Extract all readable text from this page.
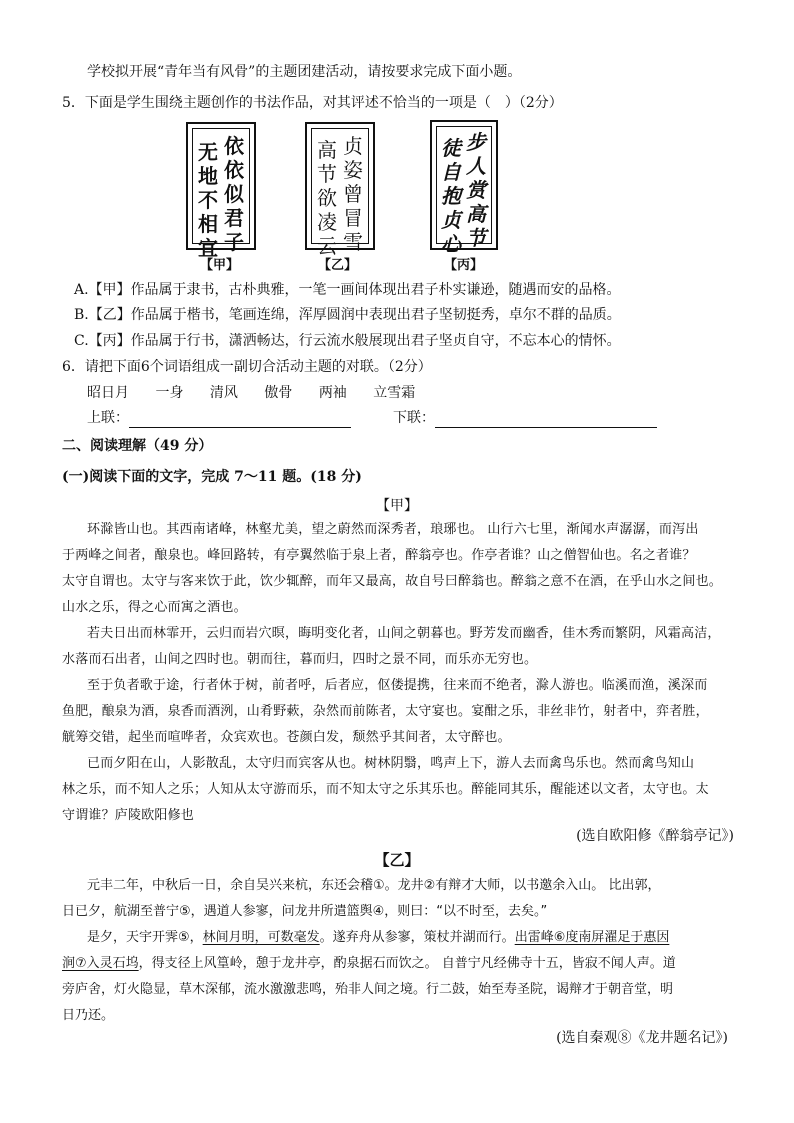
学校拟开展“青年当有风骨”的主题团建活动，请按要求完成下面小题。
5．下面是学生围绕主题创作的书法作品，对其评述不恰当的一项是（　）（2分）
依
依
似
君
子
无
地
不
相
宜
【甲】
贞
姿
曾
冒
雪
高
节
欲
凌
云
【乙】
步
人
赏
高
节
徒
自
抱
贞
心
【丙】
A.【甲】作品属于隶书，古朴典雅，一笔一画间体现出君子朴实谦逊，随遇而安的品格。
B.【乙】作品属于楷书，笔画连绵，浑厚圆润中表现出君子坚韧挺秀，卓尔不群的品质。
C.【丙】作品属于行书，潇洒畅达，行云流水般展现出君子坚贞自守，不忘本心的情怀。
6．请把下面6个词语组成一副切合活动主题的对联。（2分）
昭日月 一身 清风 傲骨 两袖 立雪霜
上联：	下联：
二、阅读理解（49 分）
(一)阅读下面的文字，完成 7～11 题。(18 分)
【甲】
环滁皆山也。其西南诸峰，林壑尤美，望之蔚然而深秀者，琅琊也。 山行六七里，渐闻水声潺潺，而泻出
于两峰之间者，酿泉也。峰回路转，有亭翼然临于泉上者，醉翁亭也。作亭者谁？山之僧智仙也。名之者谁？
太守自谓也。太守与客来饮于此，饮少辄醉，而年又最高，故自号曰醉翁也。醉翁之意不在酒，在乎山水之间也。
山水之乐，得之心而寓之酒也。
若夫日出而林霏开，云归而岩穴暝，晦明变化者，山间之朝暮也。野芳发而幽香，佳木秀而繁阴，风霜高洁，
水落而石出者，山间之四时也。朝而往，暮而归，四时之景不同，而乐亦无穷也。
至于负者歌于途，行者休于树，前者呼，后者应，伛偻提携，往来而不绝者，滁人游也。临溪而渔，溪深而
鱼肥，酿泉为酒，泉香而酒洌，山肴野蔌，杂然而前陈者，太守宴也。宴酣之乐，非丝非竹，射者中，弈者胜，
觥筹交错，起坐而喧哗者，众宾欢也。苍颜白发，颓然乎其间者，太守醉也。
已而夕阳在山，人影散乱，太守归而宾客从也。树林阴翳，鸣声上下，游人去而禽鸟乐也。然而禽鸟知山
林之乐，而不知人之乐；人知从太守游而乐，而不知太守之乐其乐也。醉能同其乐，醒能述以文者，太守也。太
守谓谁？庐陵欧阳修也
(选自欧阳修《醉翁亭记》)
【乙】
元丰二年，中秋后一日，余自吴兴来杭，东还会稽①。龙井②有辩才大师，以书邀余入山。 比出郭，
日已夕，航湖至普宁⑤，遇道人参寥，问龙井所遣篮舆④，则曰：“以不时至，去矣。”
是夕，天宇开霁⑤，林间月明，可数毫发。遂弃舟从参寥，策杖并湖而行。出雷峰⑥度南屏濯足于惠因
涧⑦入灵石坞，得支径上风篁岭，憩于龙井亭，酌泉据石而饮之。 自普宁凡经佛寺十五，皆寂不闻人声。道
旁庐舍，灯火隐显，草木深郁，流水激激悲鸣，殆非人间之境。行二鼓，始至寿圣院，谒辩才于朝音堂，明
日乃还。
(选自秦观⑧《龙井题名记》)
